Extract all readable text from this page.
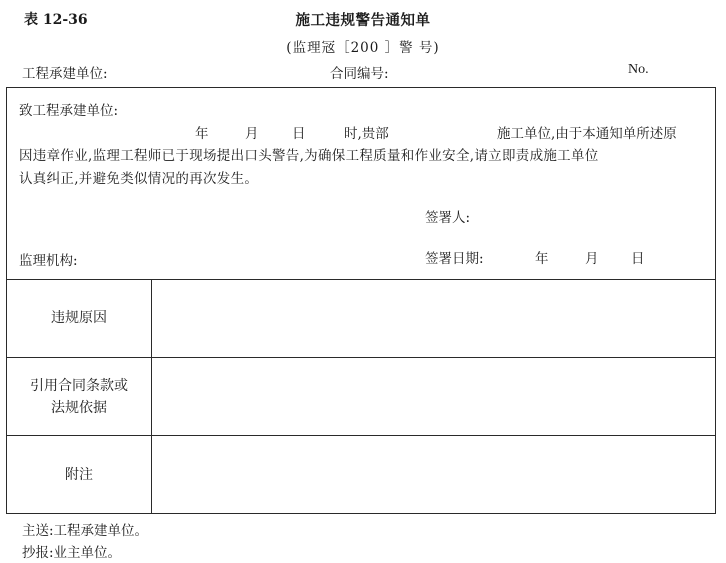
表 12-36	施工违规警告通知单
(监理㓂［200 ］警 号)
工程承建单位:	合同编号:	No.
致工程承建单位:
年	月 日	时,贵部	施工单位,由于本通知单所述原
因违章作业,监理工程师已于现场提出口头警告,为确保工程质量和作业安全,请立即责成施工单位
认真纠正,并避免类似情况的再次发生。
签署人:
监理机构:	签署日期:	年	月 日
违规原因
引用合同条款或
法规依据
附注
主送:工程承建单位。
抄报:业主单位。
